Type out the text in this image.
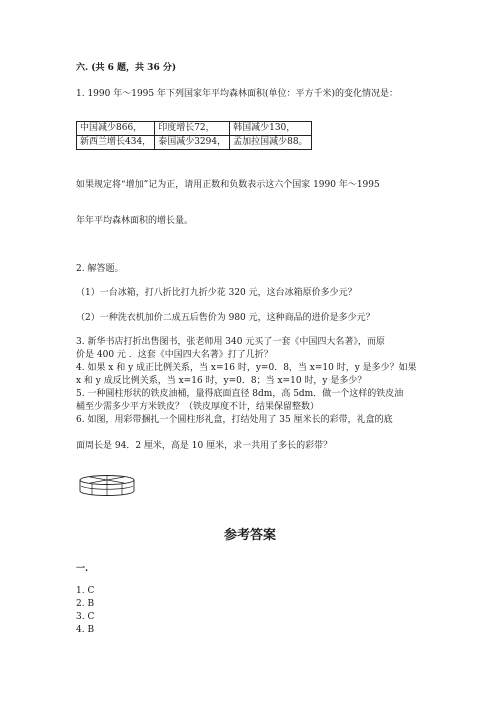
六. (共 6 题，共 36 分)
1. 1990 年～1995 年下列国家年平均森林面积(单位：平方千米)的变化情况是：
中国减少866，	印度增长72，	韩国减少130，
新西兰增长434，	泰国减少3294，	孟加拉国减少88。
如果规定将“增加”记为正，请用正数和负数表示这六个国家 1990 年～1995
年年平均森林面积的增长量。
2. 解答题。
（1）一台冰箱，打八折比打九折少花 320 元，这台冰箱原价多少元？
（2）一种洗衣机加价二成五后售价为 980 元，这种商品的进价是多少元？
3. 新华书店打折出售图书，张老师用 340 元买了一套《中国四大名著》，而原
价是 400 元 ．这套《中国四大名著》打了几折？
4. 如果 x 和 y 成正比例关系，当 x=16 时，y=0．8，当 x=10 时，y 是多少？如果
x 和 y 成反比例关系，当 x=16 时，y=0．8；当 x=10 时，y 是多少？
5. 一种圆柱形状的铁皮油桶，量得底面直径 8dm，高 5dm．做一个这样的铁皮油
桶至少需多少平方米铁皮？（铁皮厚度不计，结果保留整数）
6. 如图，用彩带捆扎一个圆柱形礼盒，打结处用了 35 厘米长的彩带，礼盒的底
面周长是 94．2 厘米，高是 10 厘米，求一共用了多长的彩带？
参考答案
一.
1. C
2. B
3. C
4. B
